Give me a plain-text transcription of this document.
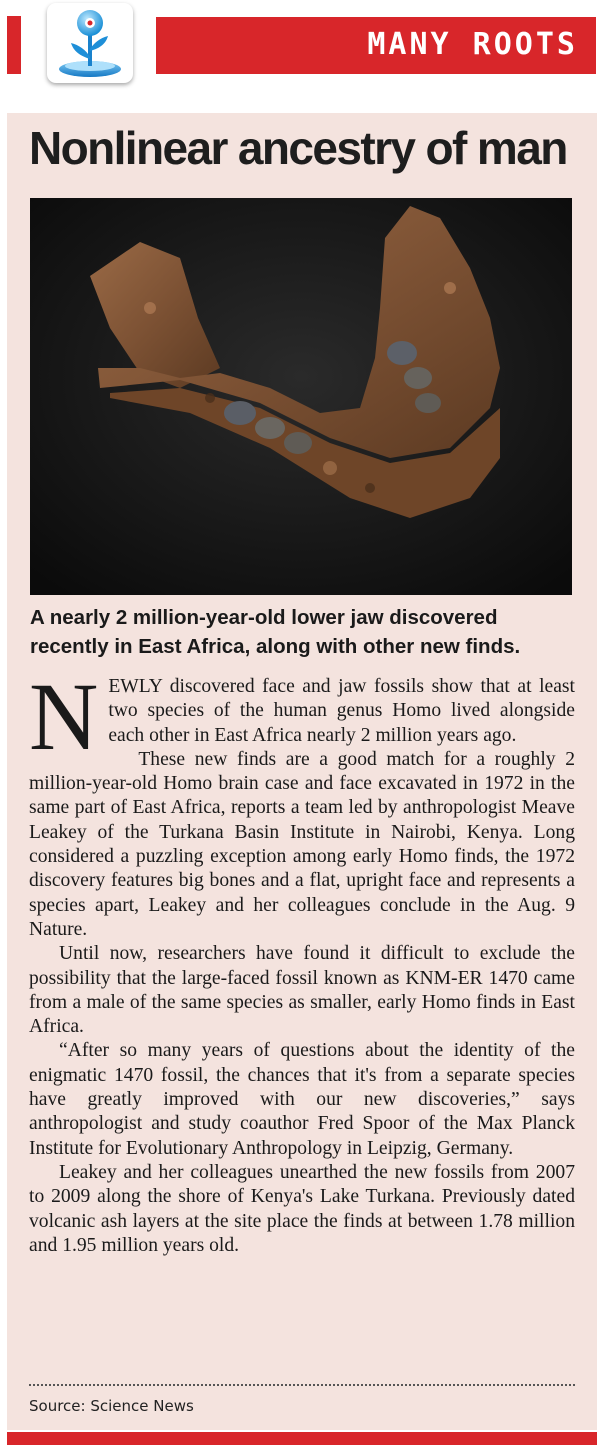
MANY ROOTS
Nonlinear ancestry of man

A nearly 2 million-year-old lower jaw discovered recently in East Africa, along with other new finds.

NEWLY discovered face and jaw fossils show that at least two species of the human genus Homo lived alongside each other in East Africa nearly 2 million years ago.

These new finds are a good match for a roughly 2 million-year-old Homo brain case and face excavated in 1972 in the same part of East Africa, reports a team led by anthropologist Meave Leakey of the Turkana Basin Institute in Nairobi, Kenya. Long considered a puzzling exception among early Homo finds, the 1972 discovery features big bones and a flat, upright face and represents a species apart, Leakey and her colleagues conclude in the Aug. 9 Nature.

Until now, researchers have found it difficult to exclude the possibility that the large-faced fossil known as KNM-ER 1470 came from a male of the same species as smaller, early Homo finds in East Africa.

“After so many years of questions about the identity of the enigmatic 1470 fossil, the chances that it's from a separate species have greatly improved with our new discoveries,” says anthropologist and study coauthor Fred Spoor of the Max Planck Institute for Evolutionary Anthropology in Leipzig, Germany.

Leakey and her colleagues unearthed the new fossils from 2007 to 2009 along the shore of Kenya's Lake Turkana. Previously dated volcanic ash layers at the site place the finds at between 1.78 million and 1.95 million years old.

Source: Science News
